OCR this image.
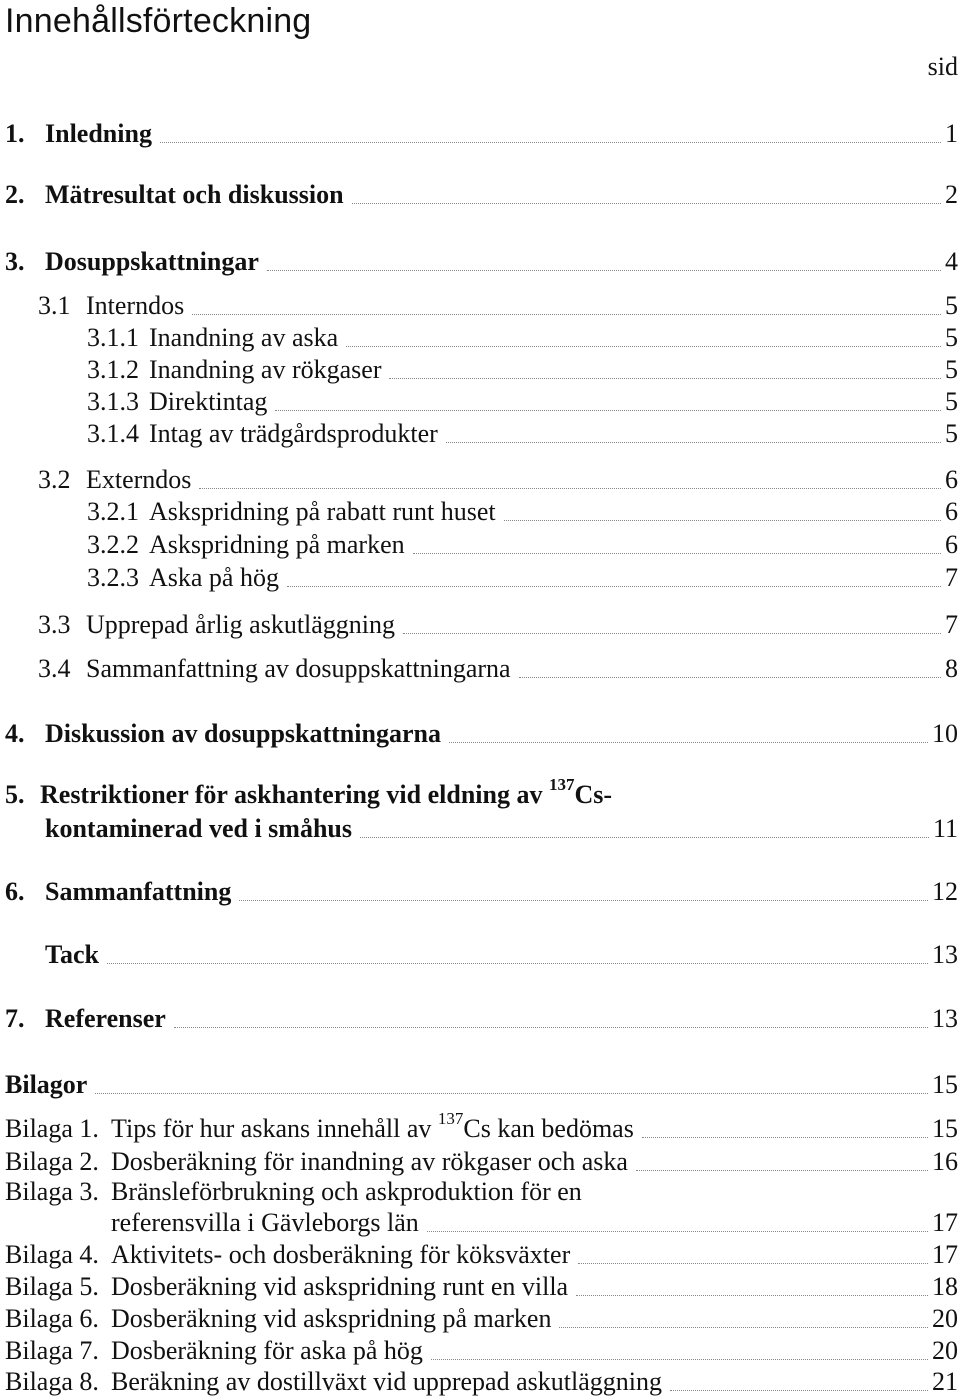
Innehållsförteckning
sid
1. Inledning	1
2. Mätresultat och diskussion	2
3. Dosuppskattningar	4
3.1 Interndos	5
3.1.1 Inandning av aska	5
3.1.2 Inandning av rökgaser	5
3.1.3 Direktintag	5
3.1.4 Intag av trädgårdsprodukter	5
3.2 Externdos	6
3.2.1 Askspridning på rabatt runt huset	6
3.2.2 Askspridning på marken	6
3.2.3 Aska på hög	7
3.3 Upprepad årlig askutläggning	7
3.4 Sammanfattning av dosuppskattningarna	8
4. Diskussion av dosuppskattningarna	10
5. Restriktioner för askhantering vid eldning av $^{137}$Cs-
kontaminerad ved i småhus	11
6. Sammanfattning	12
Tack	13
7. Referenser	13
Bilagor	15
Bilaga 1. Tips för hur askans innehåll av $^{137}$Cs kan bedömas	15
Bilaga 2. Dosberäkning för inandning av rökgaser och aska	16
Bilaga 3. Bränsleförbrukning och askproduktion för en
referensvilla i Gävleborgs län	17
Bilaga 4. Aktivitets- och dosberäkning för köksväxter	17
Bilaga 5. Dosberäkning vid askspridning runt en villa	18
Bilaga 6. Dosberäkning vid askspridning på marken	20
Bilaga 7. Dosberäkning för aska på hög	20
Bilaga 8. Beräkning av dostillväxt vid upprepad askutläggning	21
